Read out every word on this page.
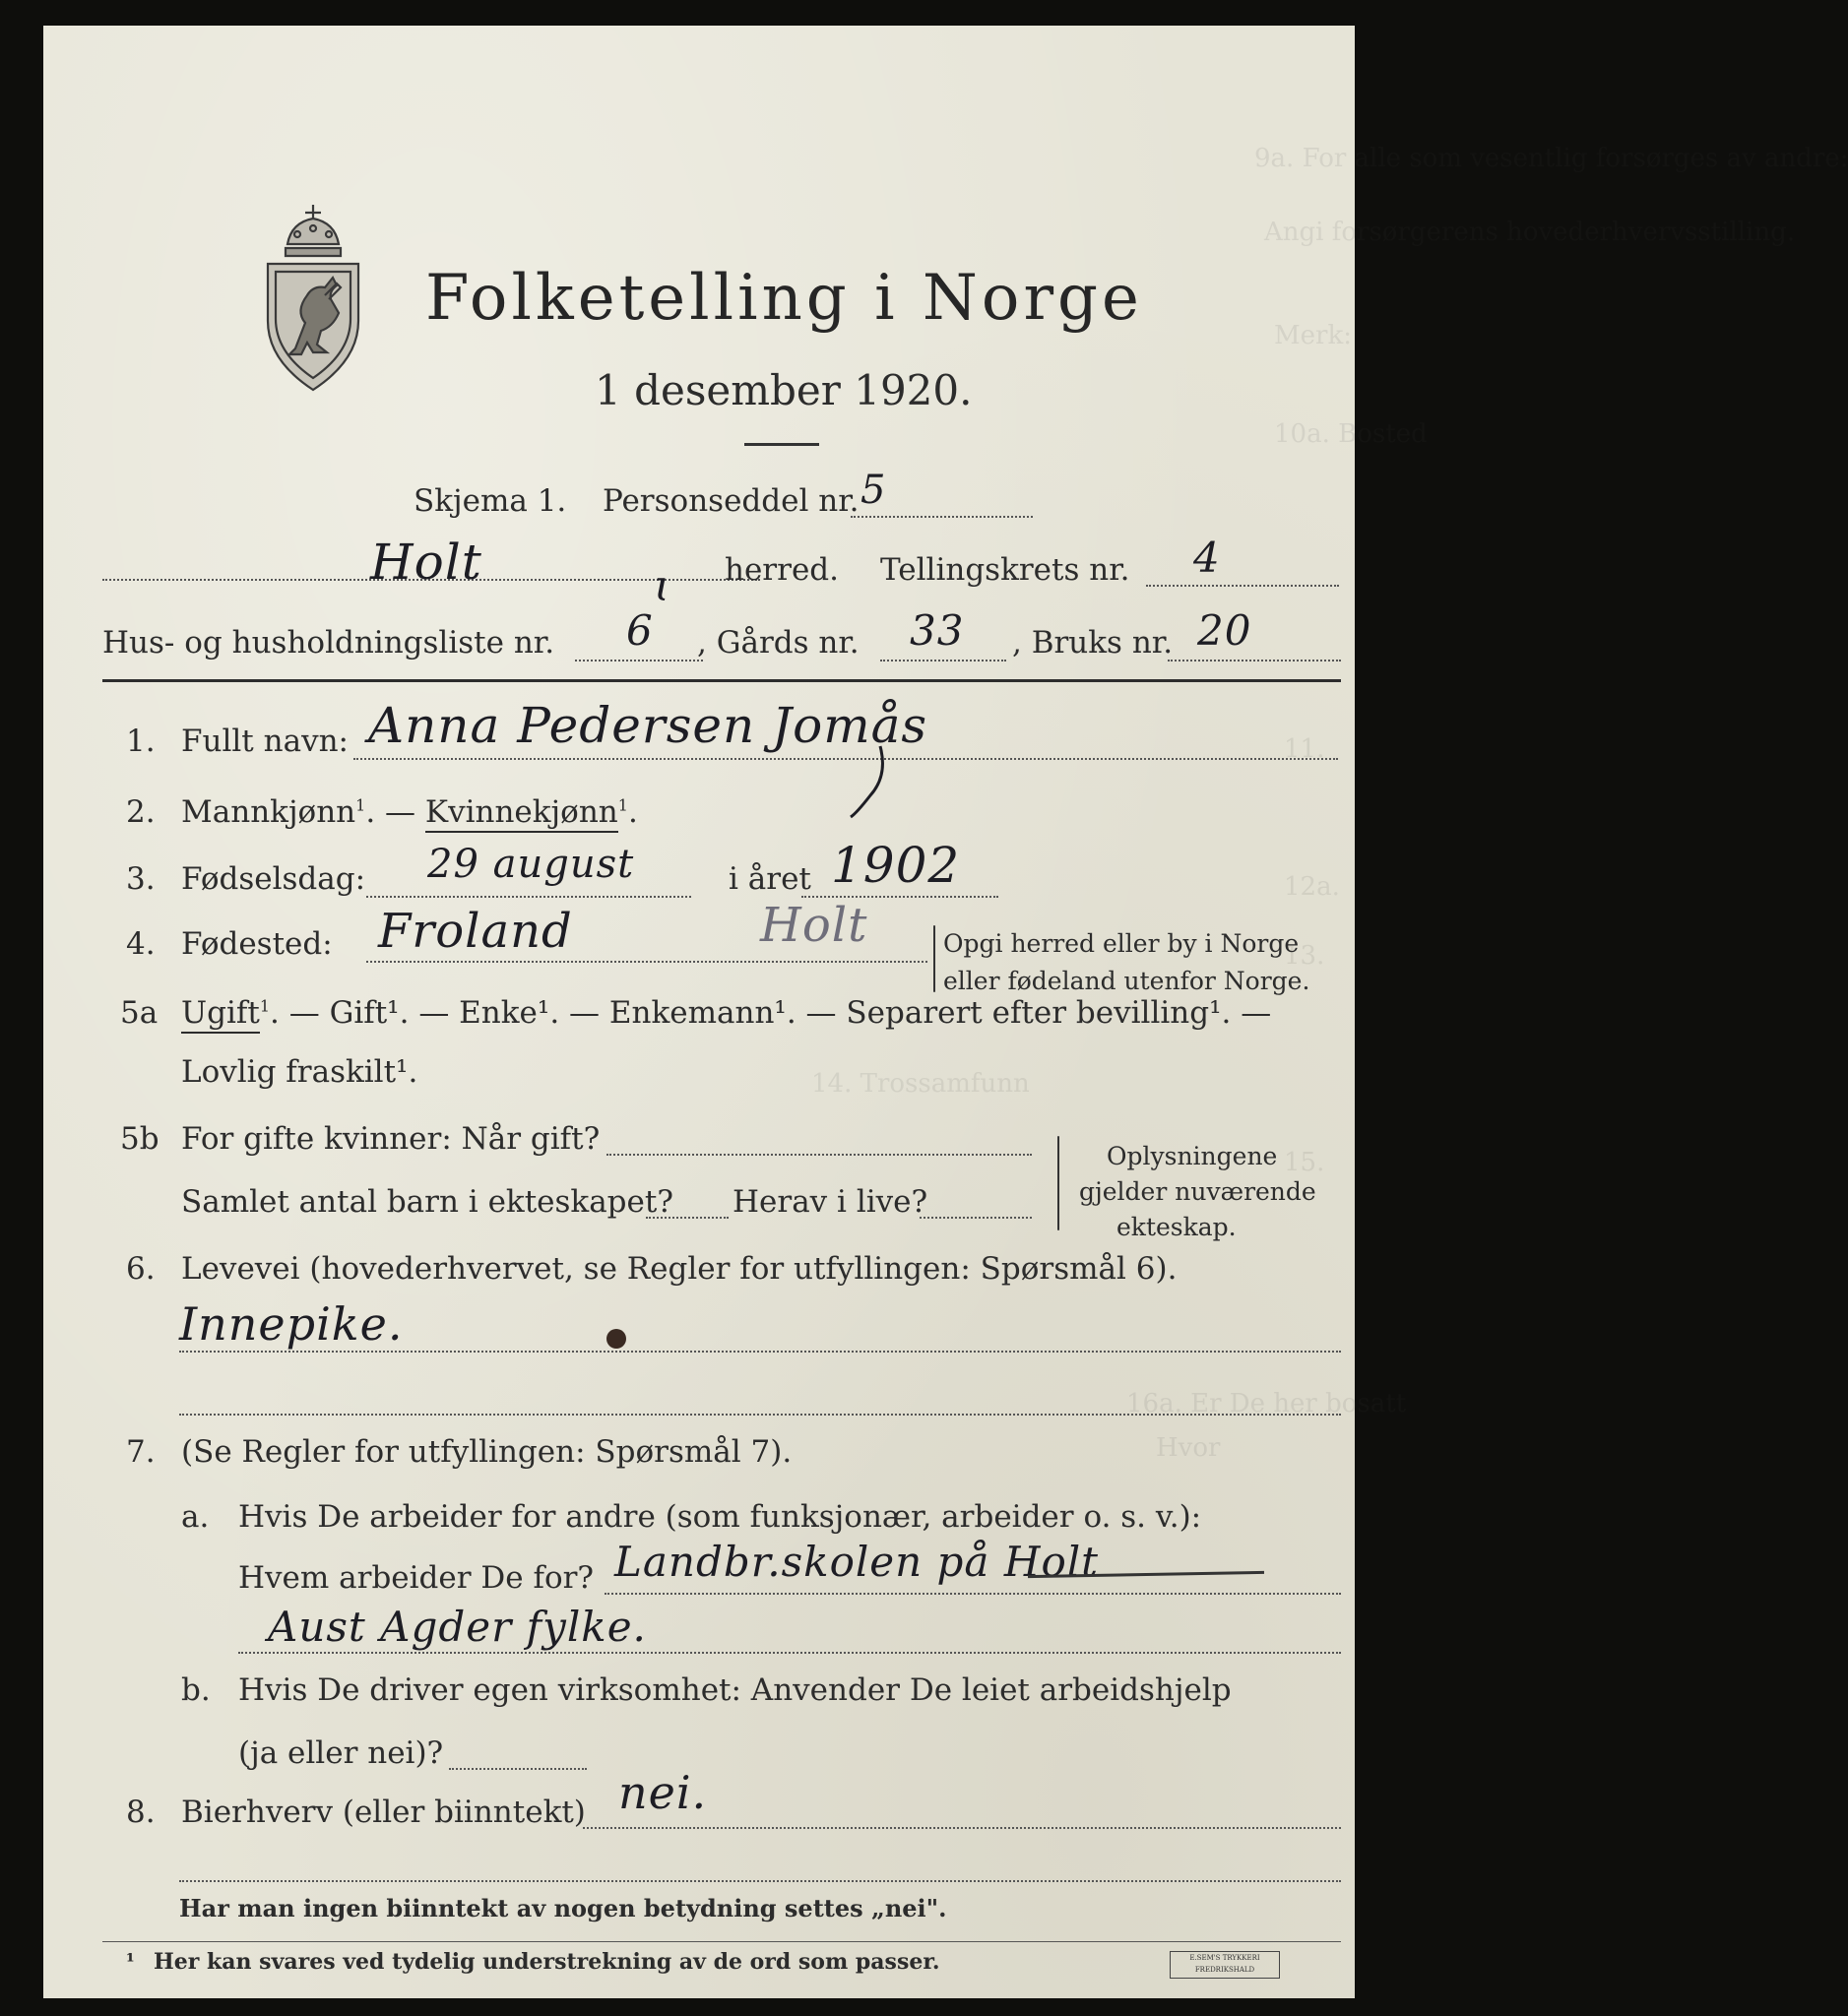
9a. For alle som vesentlig forsørges av andre:
Angi forsørgerens hovederhvervsstilling.
Merk:
10a. Bosted
11.
12a.
13.
14. Trossamfunn
15.
16a. Er De her bosatt
Hvor
Folketelling i Norge
1 desember 1920.
Skjema 1. Personseddel nr. 5
Holt	ɩ herred. Tellingskrets nr. 4
Hus- og husholdningsliste nr. 6 , Gårds nr. 33 , Bruks nr. 20
1. Fullt navn: Anna Pedersen Jomås
2. Mannkjønn$^1$. — Kvinnekjønn$^1$.
3. Fødselsdag: 29 august	i året 1902
4. Fødested: Froland	Holt	Opgi herred eller by i Norge
eller fødeland utenfor Norge.
5a Ugift$^1$. — Gift¹. — Enke¹. — Enkemann¹. — Separert efter bevilling¹. —
Lovlig fraskilt¹.
5b For gifte kvinner: Når gift?
Samlet antal barn i ekteskapet? Herav i live?
Oplysningene
gjelder nuværende
ekteskap.
6. Levevei (hovederhvervet, se Regler for utfyllingen: Spørsmål 6).
Innepike.
7. (Se Regler for utfyllingen: Spørsmål 7).
a. Hvis De arbeider for andre (som funksjonær, arbeider o. s. v.):
Hvem arbeider De for? Landbr.skolen på Holt
Aust Agder fylke.
b. Hvis De driver egen virksomhet: Anvender De leiet arbeidshjelp
(ja eller nei)?
8. Bierhverv (eller biinntekt) nei.
Har man ingen biinntekt av nogen betydning settes „nei".
¹ Her kan svares ved tydelig understrekning av de ord som passer.	E.SEM'S TRYKKERI
FREDRIKSHALD
